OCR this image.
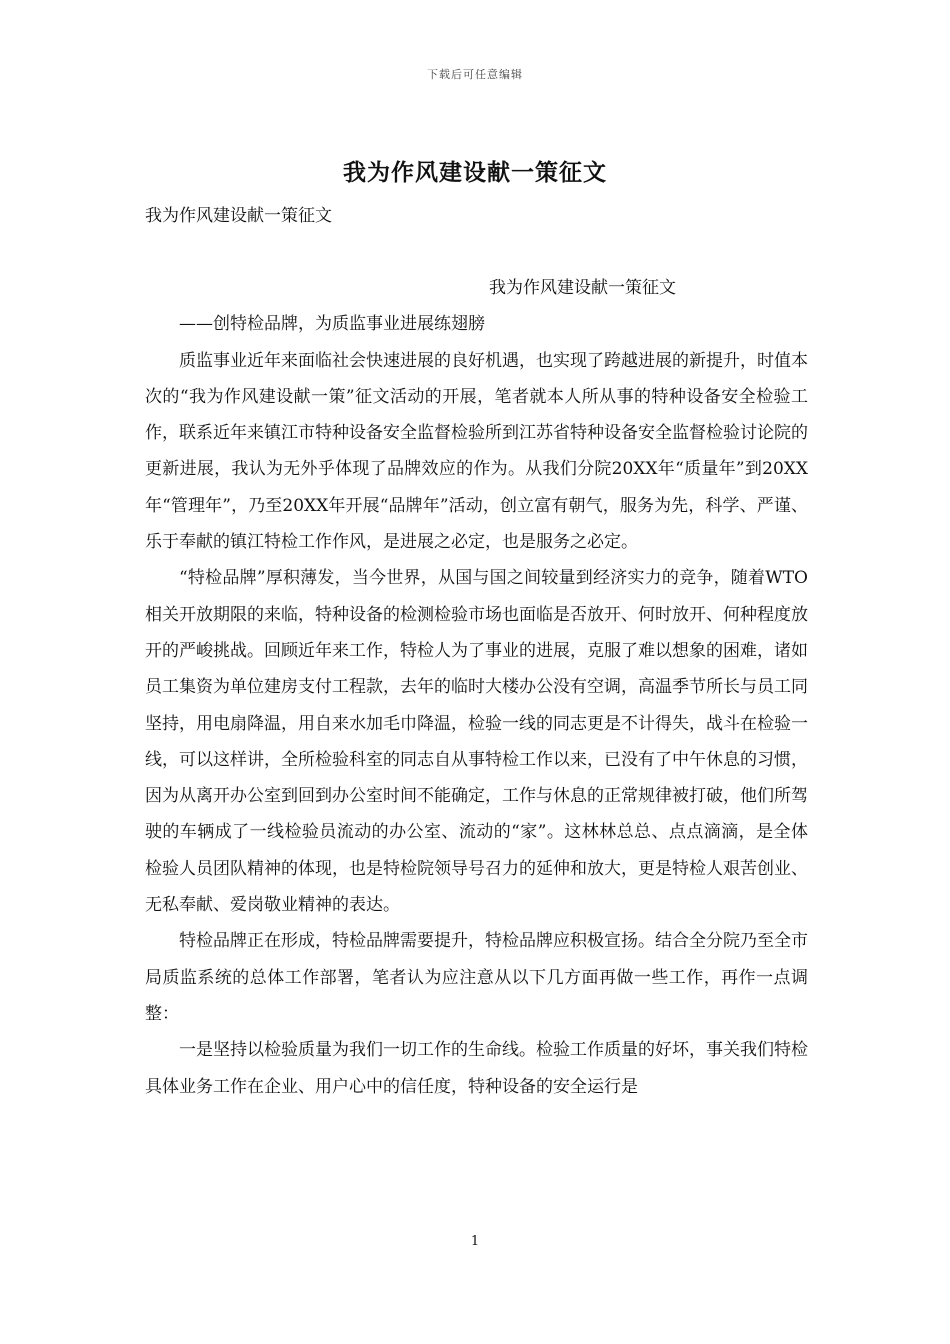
下载后可任意编辑
我为作风建设献一策征文
我为作风建设献一策征文

我为作风建设献一策征文

——创特检品牌，为质监事业进展练翅膀

质监事业近年来面临社会快速进展的良好机遇，也实现了跨越进展的新提升，时值本次的“我为作风建设献一策”征文活动的开展，笔者就本人所从事的特种设备安全检验工作，联系近年来镇江市特种设备安全监督检验所到江苏省特种设备安全监督检验讨论院的更新进展，我认为无外乎体现了品牌效应的作为。从我们分院20XX年“质量年”到20XX年“管理年”，乃至20XX年开展“品牌年”活动，创立富有朝气，服务为先，科学、严谨、乐于奉献的镇江特检工作作风，是进展之必定，也是服务之必定。

“特检品牌”厚积薄发，当今世界，从国与国之间较量到经济实力的竞争，随着WTO相关开放期限的来临，特种设备的检测检验市场也面临是否放开、何时放开、何种程度放开的严峻挑战。回顾近年来工作，特检人为了事业的进展，克服了难以想象的困难，诸如员工集资为单位建房支付工程款，去年的临时大楼办公没有空调，高温季节所长与员工同坚持，用电扇降温，用自来水加毛巾降温，检验一线的同志更是不计得失，战斗在检验一线，可以这样讲，全所检验科室的同志自从事特检工作以来，已没有了中午休息的习惯，因为从离开办公室到回到办公室时间不能确定，工作与休息的正常规律被打破，他们所驾驶的车辆成了一线检验员流动的办公室、流动的“家”。这林林总总、点点滴滴，是全体检验人员团队精神的体现，也是特检院领导号召力的延伸和放大，更是特检人艰苦创业、无私奉献、爱岗敬业精神的表达。

特检品牌正在形成，特检品牌需要提升，特检品牌应积极宣扬。结合全分院乃至全市局质监系统的总体工作部署，笔者认为应注意从以下几方面再做一些工作，再作一点调整：

一是坚持以检验质量为我们一切工作的生命线。检验工作质量的好坏，事关我们特检具体业务工作在企业、用户心中的信任度，特种设备的安全运行是

1
